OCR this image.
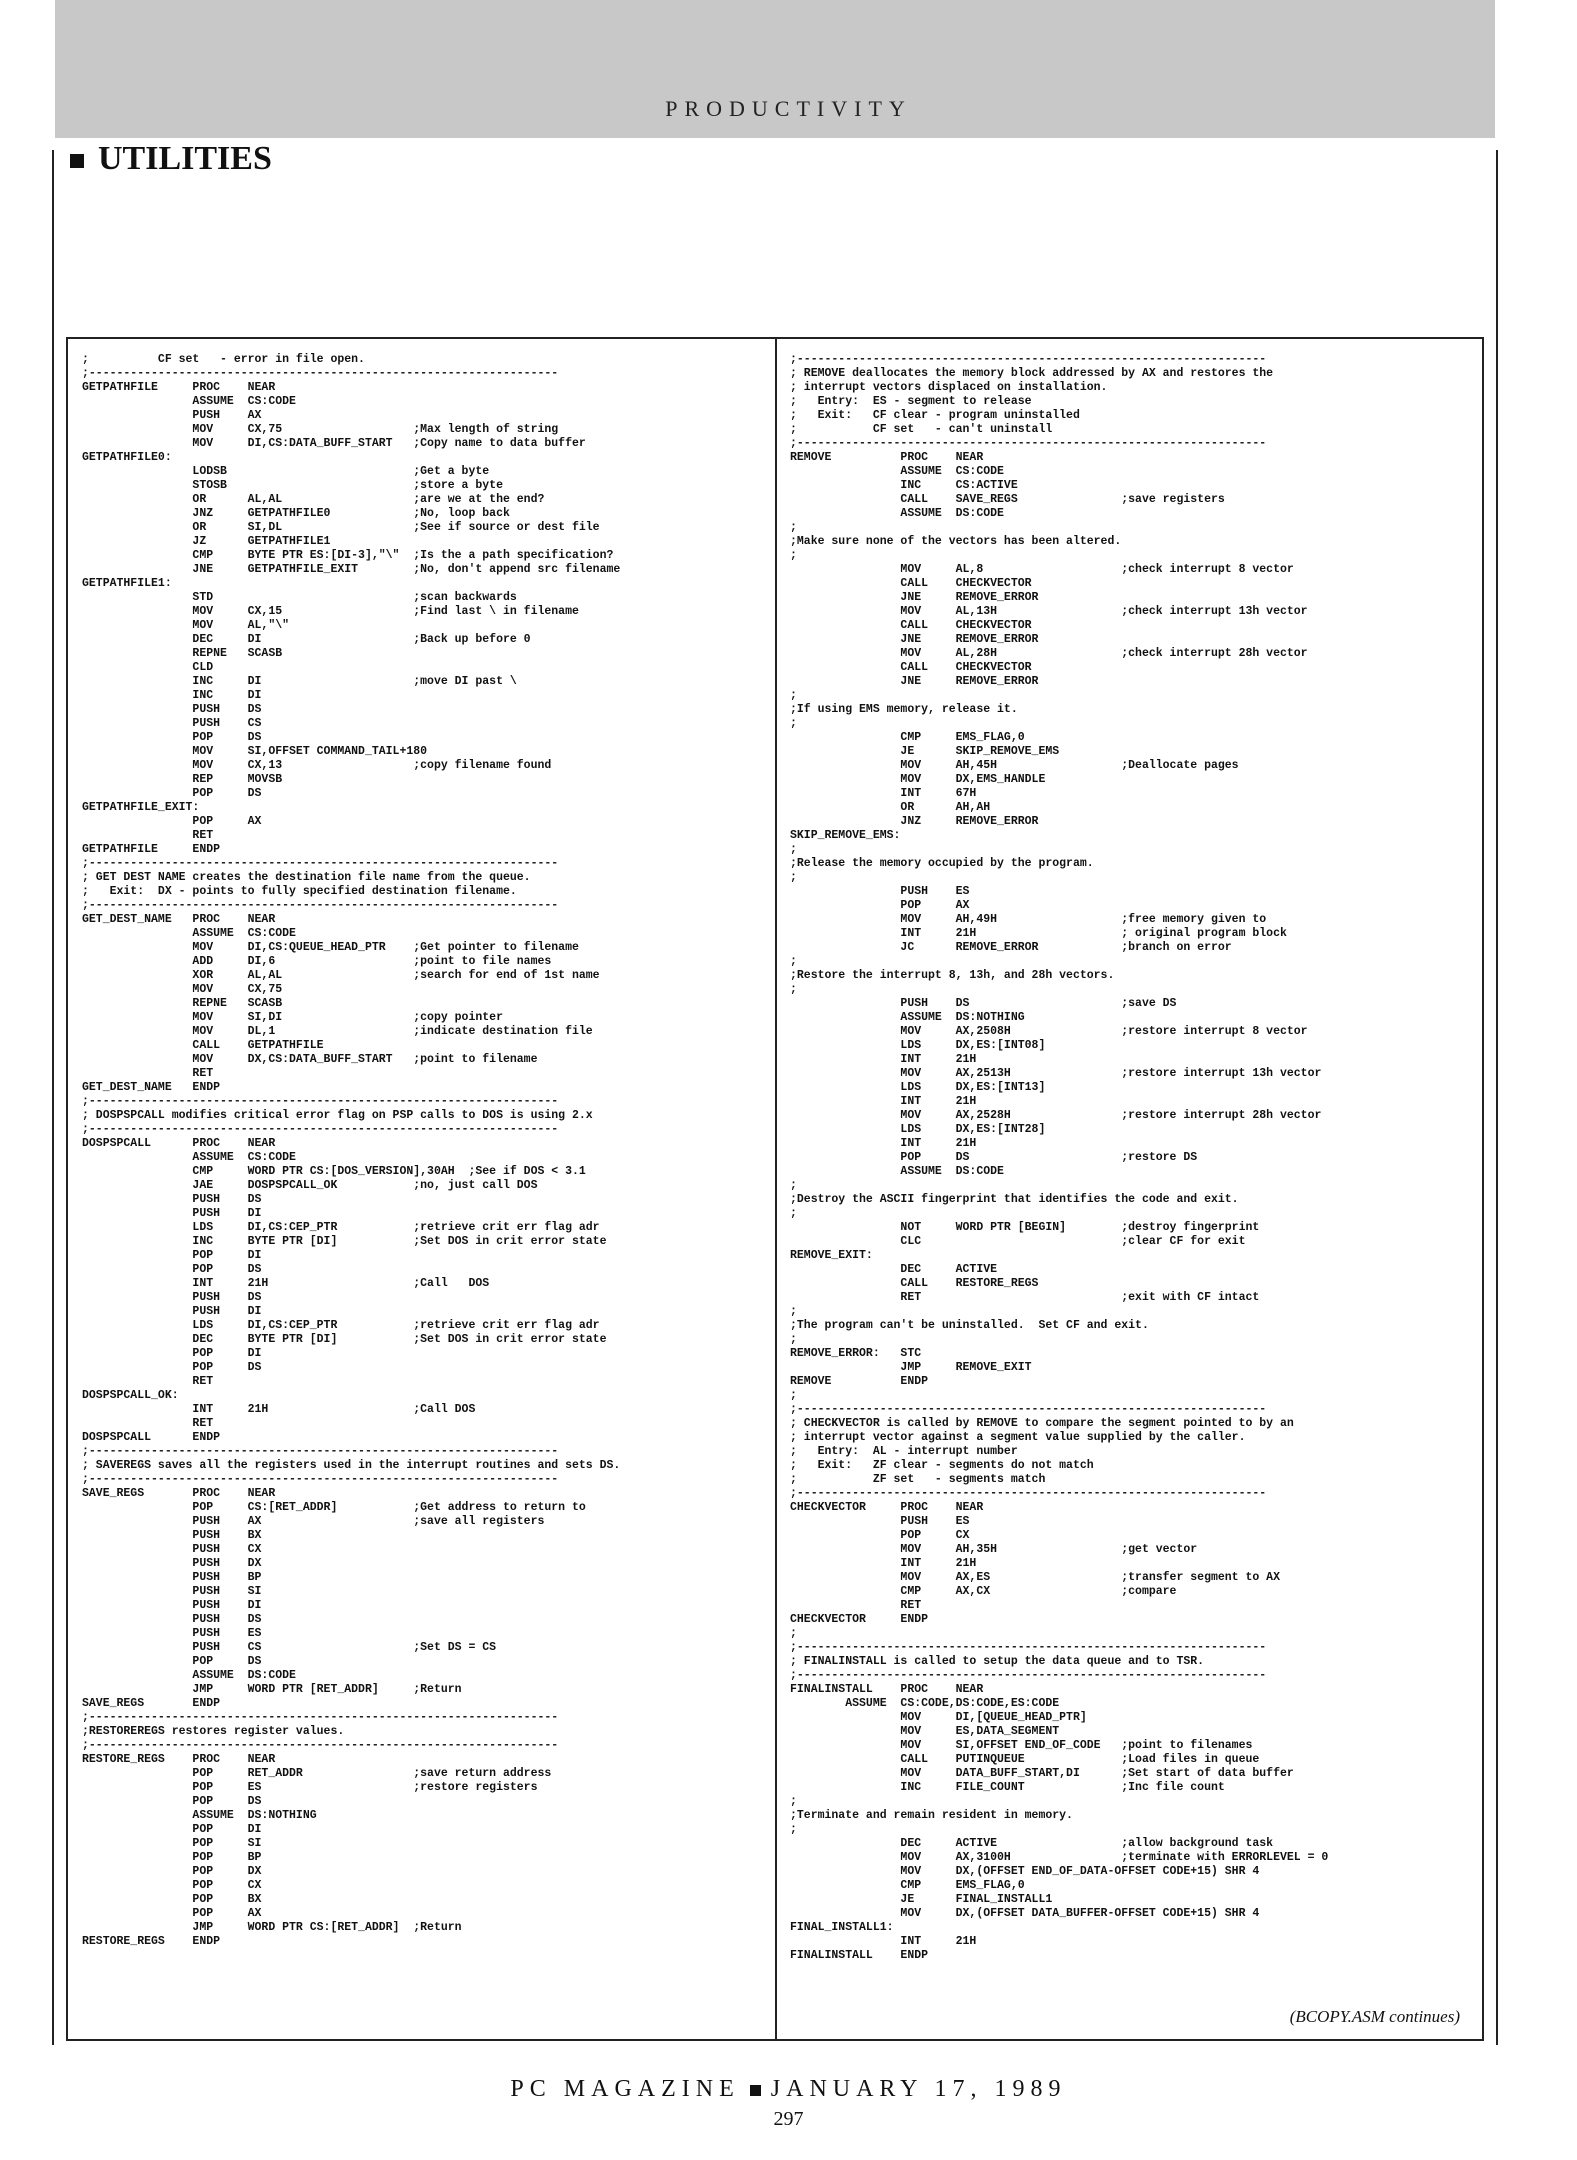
PRODUCTIVITY
UTILITIES
;          CF set   - error in file open.
;--------------------------------------------------------------------
GETPATHFILE     PROC    NEAR
ASSUME  CS:CODE
PUSH    AX
MOV     CX,75                   ;Max length of string
MOV     DI,CS:DATA_BUFF_START   ;Copy name to data buffer
GETPATHFILE0:
LODSB                           ;Get a byte
STOSB                           ;store a byte
OR      AL,AL                   ;are we at the end?
JNZ     GETPATHFILE0            ;No, loop back
OR      SI,DL                   ;See if source or dest file
JZ      GETPATHFILE1
CMP     BYTE PTR ES:[DI-3],"\"  ;Is the a path specification?
JNE     GETPATHFILE_EXIT        ;No, don't append src filename
GETPATHFILE1:
STD                             ;scan backwards
MOV     CX,15                   ;Find last \ in filename
MOV     AL,"\"
DEC     DI                      ;Back up before 0
REPNE   SCASB
CLD
INC     DI                      ;move DI past \
INC     DI
PUSH    DS
PUSH    CS
POP     DS
MOV     SI,OFFSET COMMAND_TAIL+180
MOV     CX,13                   ;copy filename found
REP     MOVSB
POP     DS
GETPATHFILE_EXIT:
POP     AX
RET
GETPATHFILE     ENDP
;--------------------------------------------------------------------
; GET DEST NAME creates the destination file name from the queue.
;   Exit:  DX - points to fully specified destination filename.
;--------------------------------------------------------------------
GET_DEST_NAME   PROC    NEAR
ASSUME  CS:CODE
MOV     DI,CS:QUEUE_HEAD_PTR    ;Get pointer to filename
ADD     DI,6                    ;point to file names
XOR     AL,AL                   ;search for end of 1st name
MOV     CX,75
REPNE   SCASB
MOV     SI,DI                   ;copy pointer
MOV     DL,1                    ;indicate destination file
CALL    GETPATHFILE
MOV     DX,CS:DATA_BUFF_START   ;point to filename
RET
GET_DEST_NAME   ENDP
;--------------------------------------------------------------------
; DOSPSPCALL modifies critical error flag on PSP calls to DOS is using 2.x
;--------------------------------------------------------------------
DOSPSPCALL      PROC    NEAR
ASSUME  CS:CODE
CMP     WORD PTR CS:[DOS_VERSION],30AH  ;See if DOS < 3.1
JAE     DOSPSPCALL_OK           ;no, just call DOS
PUSH    DS
PUSH    DI
LDS     DI,CS:CEP_PTR           ;retrieve crit err flag adr
INC     BYTE PTR [DI]           ;Set DOS in crit error state
POP     DI
POP     DS
INT     21H                     ;Call   DOS
PUSH    DS
PUSH    DI
LDS     DI,CS:CEP_PTR           ;retrieve crit err flag adr
DEC     BYTE PTR [DI]           ;Set DOS in crit error state
POP     DI
POP     DS
RET
DOSPSPCALL_OK:
INT     21H                     ;Call DOS
RET
DOSPSPCALL      ENDP
;--------------------------------------------------------------------
; SAVEREGS saves all the registers used in the interrupt routines and sets DS.
;--------------------------------------------------------------------
SAVE_REGS       PROC    NEAR
POP     CS:[RET_ADDR]           ;Get address to return to
PUSH    AX                      ;save all registers
PUSH    BX
PUSH    CX
PUSH    DX
PUSH    BP
PUSH    SI
PUSH    DI
PUSH    DS
PUSH    ES
PUSH    CS                      ;Set DS = CS
POP     DS
ASSUME  DS:CODE
JMP     WORD PTR [RET_ADDR]     ;Return
SAVE_REGS       ENDP
;--------------------------------------------------------------------
;RESTOREREGS restores register values.
;--------------------------------------------------------------------
RESTORE_REGS    PROC    NEAR
POP     RET_ADDR                ;save return address
POP     ES                      ;restore registers
POP     DS
ASSUME  DS:NOTHING
POP     DI
POP     SI
POP     BP
POP     DX
POP     CX
POP     BX
POP     AX
JMP     WORD PTR CS:[RET_ADDR]  ;Return
RESTORE_REGS    ENDP
;--------------------------------------------------------------------
; REMOVE deallocates the memory block addressed by AX and restores the
; interrupt vectors displaced on installation.
;   Entry:  ES - segment to release
;   Exit:   CF clear - program uninstalled
;           CF set   - can't uninstall
;--------------------------------------------------------------------
REMOVE          PROC    NEAR
ASSUME  CS:CODE
INC     CS:ACTIVE
CALL    SAVE_REGS               ;save registers
ASSUME  DS:CODE
;
;Make sure none of the vectors has been altered.
;
MOV     AL,8                    ;check interrupt 8 vector
CALL    CHECKVECTOR
JNE     REMOVE_ERROR
MOV     AL,13H                  ;check interrupt 13h vector
CALL    CHECKVECTOR
JNE     REMOVE_ERROR
MOV     AL,28H                  ;check interrupt 28h vector
CALL    CHECKVECTOR
JNE     REMOVE_ERROR
;
;If using EMS memory, release it.
;
CMP     EMS_FLAG,0
JE      SKIP_REMOVE_EMS
MOV     AH,45H                  ;Deallocate pages
MOV     DX,EMS_HANDLE
INT     67H
OR      AH,AH
JNZ     REMOVE_ERROR
SKIP_REMOVE_EMS:
;
;Release the memory occupied by the program.
;
PUSH    ES
POP     AX
MOV     AH,49H                  ;free memory given to
INT     21H                     ; original program block
JC      REMOVE_ERROR            ;branch on error
;
;Restore the interrupt 8, 13h, and 28h vectors.
;
PUSH    DS                      ;save DS
ASSUME  DS:NOTHING
MOV     AX,2508H                ;restore interrupt 8 vector
LDS     DX,ES:[INT08]
INT     21H
MOV     AX,2513H                ;restore interrupt 13h vector
LDS     DX,ES:[INT13]
INT     21H
MOV     AX,2528H                ;restore interrupt 28h vector
LDS     DX,ES:[INT28]
INT     21H
POP     DS                      ;restore DS
ASSUME  DS:CODE
;
;Destroy the ASCII fingerprint that identifies the code and exit.
;
NOT     WORD PTR [BEGIN]        ;destroy fingerprint
CLC                             ;clear CF for exit
REMOVE_EXIT:
DEC     ACTIVE
CALL    RESTORE_REGS
RET                             ;exit with CF intact
;
;The program can't be uninstalled.  Set CF and exit.
;
REMOVE_ERROR:   STC
JMP     REMOVE_EXIT
REMOVE          ENDP
;
;--------------------------------------------------------------------
; CHECKVECTOR is called by REMOVE to compare the segment pointed to by an
; interrupt vector against a segment value supplied by the caller.
;   Entry:  AL - interrupt number
;   Exit:   ZF clear - segments do not match
;           ZF set   - segments match
;--------------------------------------------------------------------
CHECKVECTOR     PROC    NEAR
PUSH    ES
POP     CX
MOV     AH,35H                  ;get vector
INT     21H
MOV     AX,ES                   ;transfer segment to AX
CMP     AX,CX                   ;compare
RET
CHECKVECTOR     ENDP
;
;--------------------------------------------------------------------
; FINALINSTALL is called to setup the data queue and to TSR.
;--------------------------------------------------------------------
FINALINSTALL    PROC    NEAR
ASSUME  CS:CODE,DS:CODE,ES:CODE
MOV     DI,[QUEUE_HEAD_PTR]
MOV     ES,DATA_SEGMENT
MOV     SI,OFFSET END_OF_CODE   ;point to filenames
CALL    PUTINQUEUE              ;Load files in queue
MOV     DATA_BUFF_START,DI      ;Set start of data buffer
INC     FILE_COUNT              ;Inc file count
;
;Terminate and remain resident in memory.
;
DEC     ACTIVE                  ;allow background task
MOV     AX,3100H                ;terminate with ERRORLEVEL = 0
MOV     DX,(OFFSET END_OF_DATA-OFFSET CODE+15) SHR 4
CMP     EMS_FLAG,0
JE      FINAL_INSTALL1
MOV     DX,(OFFSET DATA_BUFFER-OFFSET CODE+15) SHR 4
FINAL_INSTALL1:
INT     21H
FINALINSTALL    ENDP
(BCOPY.ASM continues)
PC MAGAZINE JANUARY 17, 1989
297
